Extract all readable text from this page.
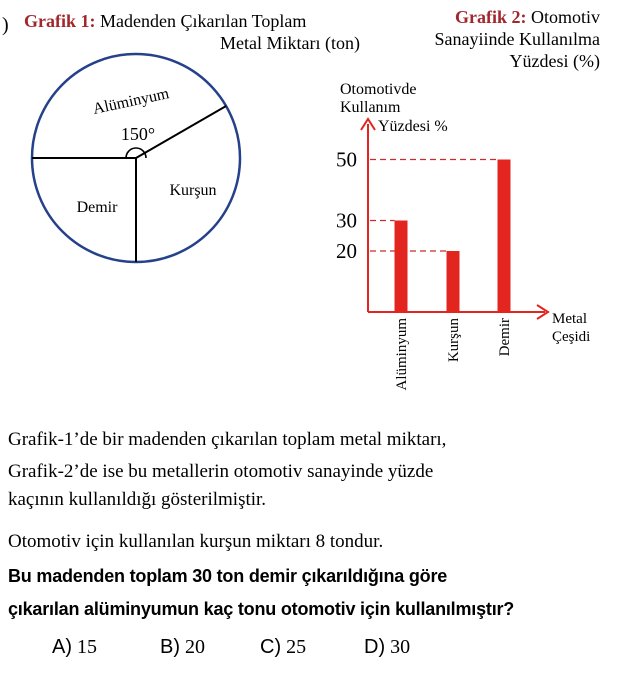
) Grafik 1: Madenden Çıkarılan Toplam
Metal Miktarı (ton)
Grafik 2: Otomotiv
Sanayiinde Kullanılma
Yüzdesi (%)
150°
Alüminyum
Kurşun
Demir
Otomotivde
Kullanım
Yüzdesi %
Metal
Çeşidi
20
30
50
Alüminyum Kurşun Demir
Grafik-1’de bir madenden çıkarılan toplam metal miktarı,
Grafik-2’de ise bu metallerin otomotiv sanayinde yüzde
kaçının kullanıldığı gösterilmiştir.
Otomotiv için kullanılan kurşun miktarı 8 tondur.
Bu madenden toplam 30 ton demir çıkarıldığına göre
çıkarılan alüminyumun kaç tonu otomotiv için kullanılmıştır?
A) 15	B) 20	C) 25	D) 30
